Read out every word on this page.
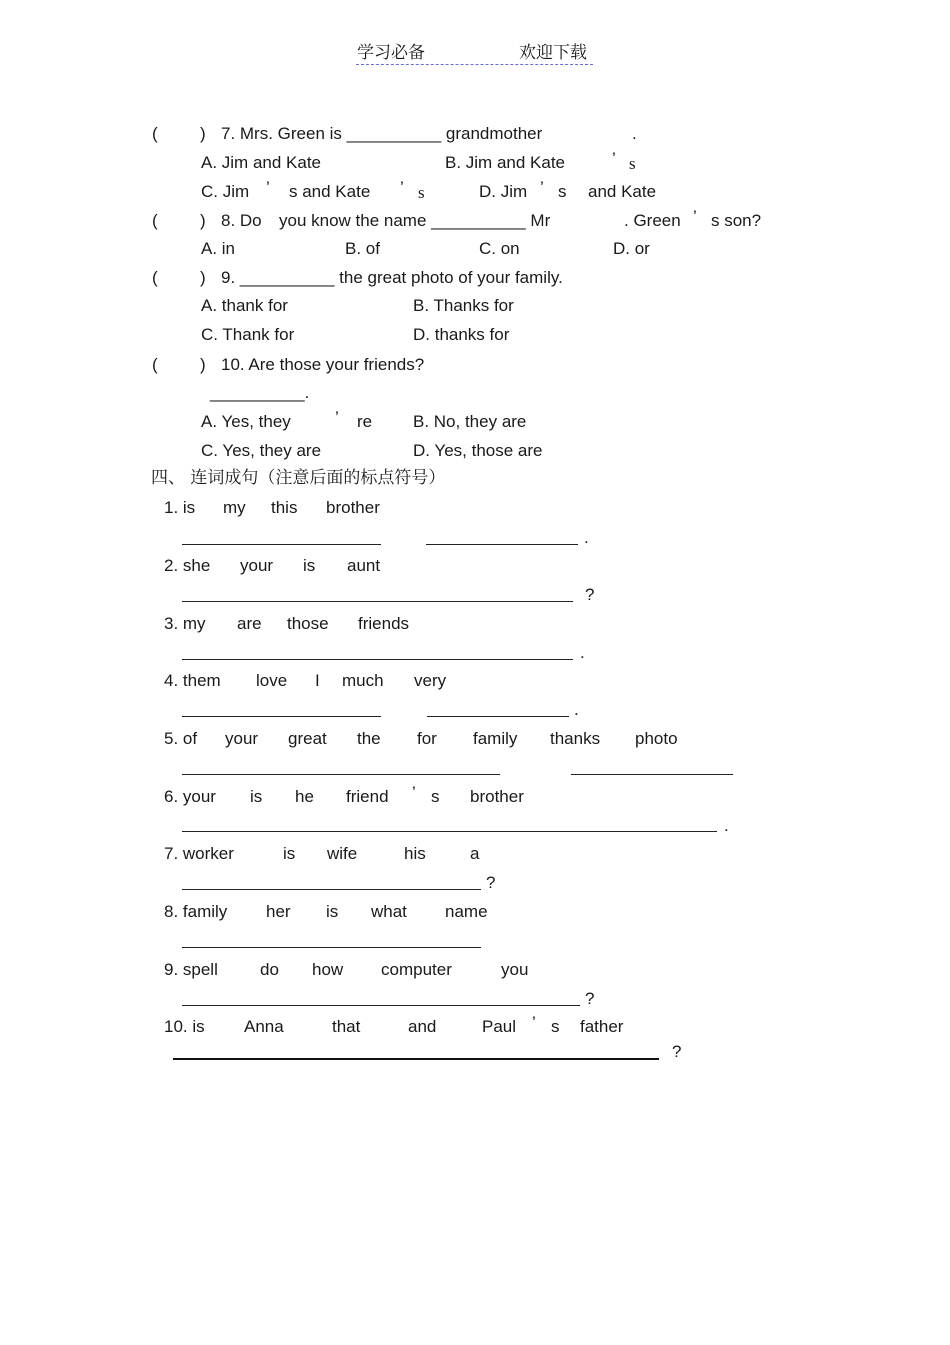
学习必备	欢迎下载
( ) 7. Mrs. Green is __________ grandmother	.
A. Jim and Kate	B. Jim and Kate	’ s
C. Jim ’ s and Kate ’ s	D. Jim ’ s and Kate
( ) 8. Do you know the name __________ Mr	. Green ’ s son?
A. in	B. of	C. on	D. or
( ) 9. __________ the great photo of your family.
A. thank for	B. Thanks for
C. Thank for	D. thanks for
( ) 10. Are those your friends?
__________.
A. Yes, they	’ re B. No, they are
C. Yes, they are	D. Yes, those are
四、 连词成句（注意后面的标点符号）
1. is my this brother
.
2. she your is aunt
?
3. my are those friends
.
4. them love I much very
.
5. of your great the for family thanks photo
6. your is he friend ’ s brother
.
7. worker	is wife	his	a
?
8. family her is what name
9. spell do how computer	you
?
10. is Anna	that	and	Paul ’ s father
?
